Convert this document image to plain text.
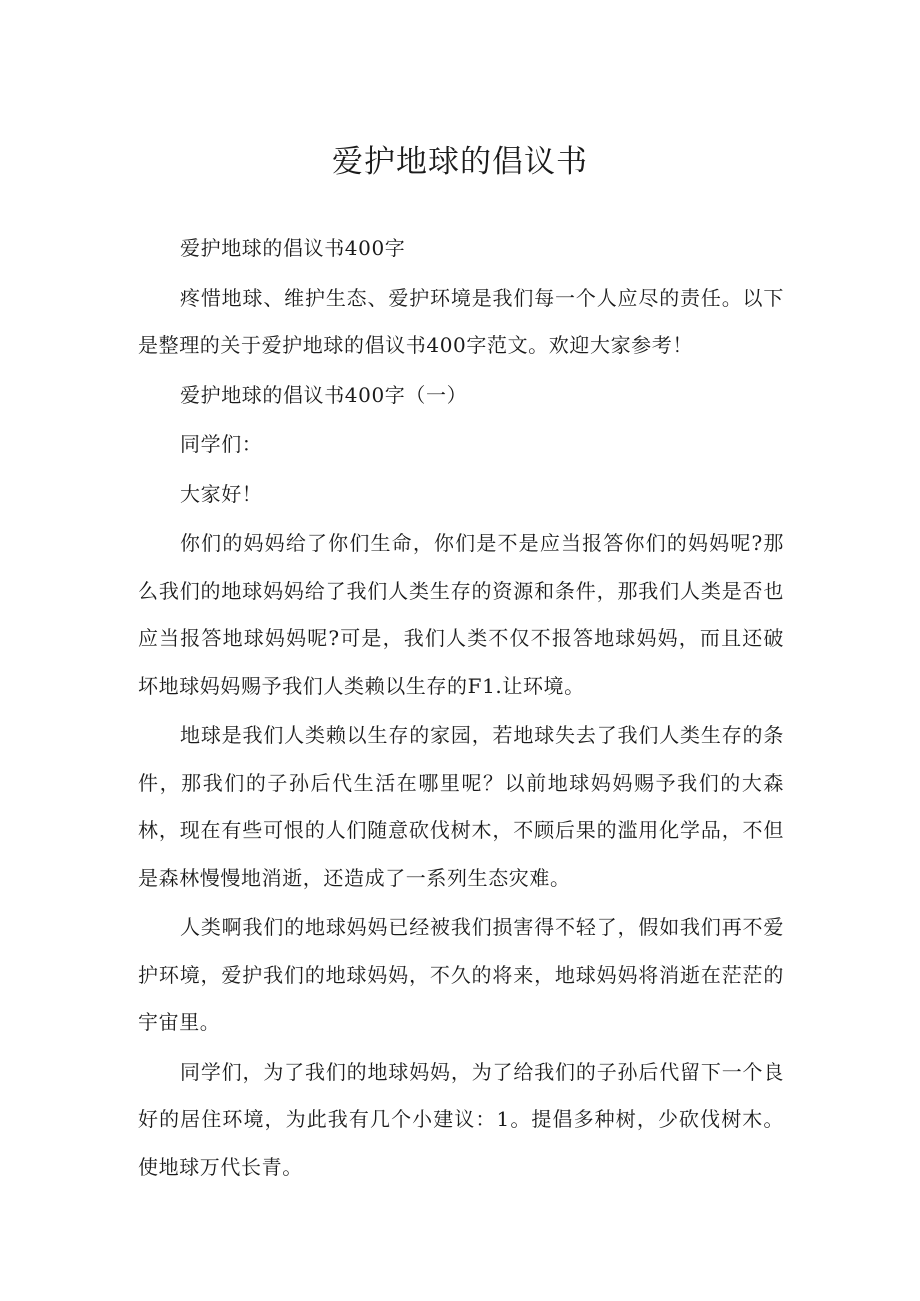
爱护地球的倡议书

爱护地球的倡议书400字

疼惜地球、维护生态、爱护环境是我们每一个人应尽的责任。以下是整理的关于爱护地球的倡议书400字范文。欢迎大家参考！

爱护地球的倡议书400字（一）

同学们：

大家好！

你们的妈妈给了你们生命，你们是不是应当报答你们的妈妈呢?那么我们的地球妈妈给了我们人类生存的资源和条件，那我们人类是否也应当报答地球妈妈呢?可是，我们人类不仅不报答地球妈妈，而且还破坏地球妈妈赐予我们人类赖以生存的F1.让环境。

地球是我们人类赖以生存的家园，若地球失去了我们人类生存的条件，那我们的子孙后代生活在哪里呢？以前地球妈妈赐予我们的大森林，现在有些可恨的人们随意砍伐树木，不顾后果的滥用化学品，不但是森林慢慢地消逝，还造成了一系列生态灾难。

人类啊我们的地球妈妈已经被我们损害得不轻了，假如我们再不爱护环境，爱护我们的地球妈妈，不久的将来，地球妈妈将消逝在茫茫的宇宙里。

同学们，为了我们的地球妈妈，为了给我们的子孙后代留下一个良好的居住环境，为此我有几个小建议：1。提倡多种树，少砍伐树木。使地球万代长青。
